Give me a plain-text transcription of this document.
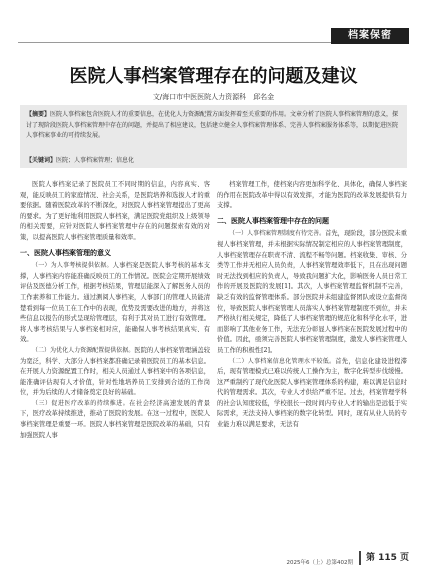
档案保密
医院人事档案管理存在的问题及建议
文/海口市中医医院人力资源科　邱名金
【摘要】医院人事档案包含医院人才的重要信息，在优化人力资源配置方面发挥着至关重要的作用。文章分析了医院人事档案管理的意义，探讨了现阶段医院人事档案管理中存在的问题，并提出了相应建议，包括建立健全人事档案管理体系、完善人事档案服务体系等，以期促进医院人事档案事业的可持续发展。
【关键词】医院；人事档案管理；信息化

医院人事档案记录了医院员工不同时期的信息，内容真实、客观，能反映员工的家庭情况、社会关系，是医院培养和选拔人才的重要依据。随着医院改革的不断深化，对医院人事档案管理提出了更高的要求。为了更好地利用医院人事档案，满足医院党组织及上级领导的相关需要，应针对医院人事档案管理中存在的问题探索有效的对策，以提高医院人事档案管理质量和效率。

一、医院人事档案管理的意义

（一）为人事考核提供依据。人事档案是医院人事考核的基本支撑，人事档案内容能准确反映员工的工作情况。医院会定期开展绩效评估及医德分析工作，根据考核结果，管理层能深入了解医务人员的工作素养和工作能力。通过测阅人事档案，人事部门的管理人员能清楚看到每一位员工在工作中的表现，优势及需要改进的地方，并将这些信息以报告的形式呈现给管理层，有利于其对员工进行有效管理。将人事考核结果与人事档案相对应，能确保人事考核结果真实、有效。

（二）为优化人力资源配置提供依据。医院的人事档案管理涵盖较为宽泛，科学、大部分人事档案都准确记录着医院员工的基本信息。在开展人力资源配置工作时，相关人员通过人事档案中的各项信息，能准确评估现有人才价值，针对性地培养员工安排到合适的工作岗位，并为后续的人才储备奠定良好的基础。

（三）促进医疗改革的持续推进。在社会经济高速发展的背景下，医疗改革持续推进，推动了医院的发展。在这一过程中，医院人事档案管理是重要一环。医院人事档案管理是医院改革的基础，只有加强医院人事

档案管理工作，使档案内容更加科学化、具体化，确保人事档案的作用在医院改革中得以有效发挥，才能为医院的改革发展提供有力支撑。

二、医院人事档案管理中存在的问题

（一）人事档案管理制度有待完善。首先，现阶段，部分医院未重视人事档案管理，并未根据实际情况制定相应的人事档案管理制度，人事档案管理存在职责不清、流程不畅等问题。档案收集、审核、分类等工作并无相应人员负责，人事档案管理效率低下，且在出现问题时无法找到相应的负责人，导致我问题扩大化，影响医务人员日常工作的开展及医院的发展[1]。其次，人事档案管理监督机制不完善，缺乏有效的监督管理体系。部分医院并未组建监督团队或设立监督岗位，导致医院人事档案管理人员落实人事档案管理制度不到位，并未严格执行相关规定，降低了人事档案管理的规范化和科学化水平，进而影响了其他业务工作，无法充分彰显人事档案在医院发展过程中的价值。因此，亟须完善医院人事档案管理制度，激发人事档案管理人员工作的积极性[2]。

（二）人事档案信息化管理水平较低。首先，信息化建设进程滞后，现有管理模式已难以传统人工操作为主，数字化转型步伐缓慢。这严重制约了现代化医院人事档案管理体系的构建，难以满足信息时代的管理需求。其次，专业人才供给严重不足。过去，档案管理学科的社会认知度较低，学校很长一段时间内专业人才的输出是远低于实际需求，无法支持人事档案的数字化转型。同时，现有从业人员的专业能力难以满足要求，无法有

2025年6（上）总第402期	第 115 页
